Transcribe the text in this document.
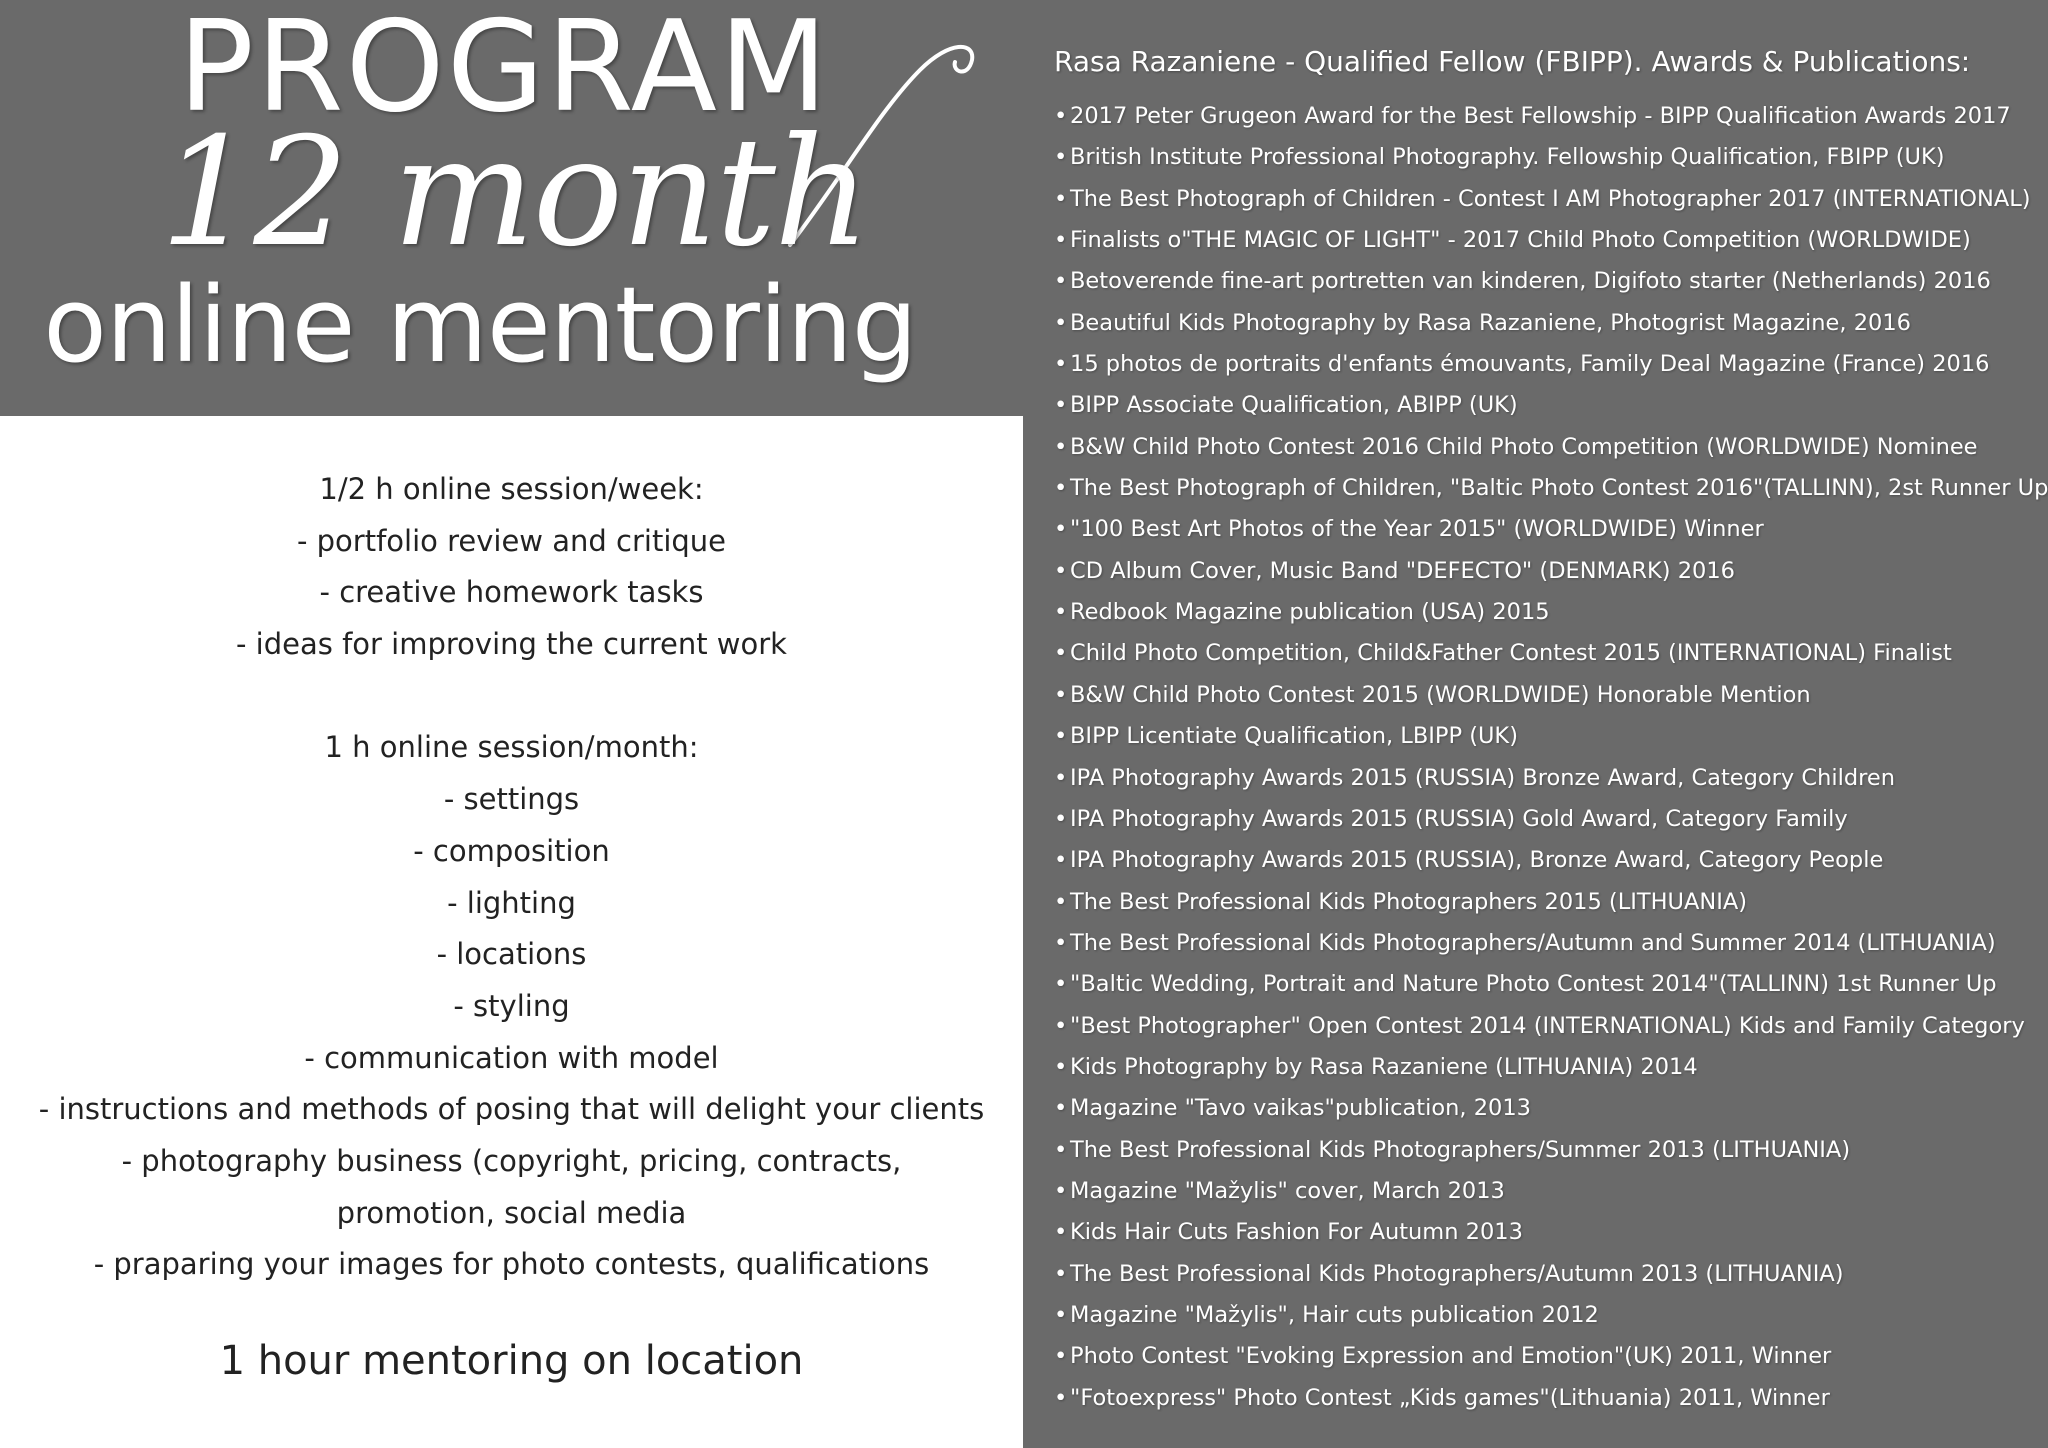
PROGRAM
12 month
online mentoring
1/2 h online session/week:
- portfolio review and critique
- creative homework tasks
- ideas for improving the current work
1 h online session/month:
- settings
- composition
- lighting
- locations
- styling
- communication with model
- instructions and methods of posing that will delight your clients
- photography business (copyright, pricing, contracts,
promotion, social media
- praparing your images for photo contests, qualifications
1 hour mentoring on location
Rasa Razaniene - Qualified Fellow (FBIPP). Awards & Publications:
• 2017 Peter Grugeon Award for the Best Fellowship - BIPP Qualification Awards 2017
• British Institute Professional Photography. Fellowship Qualification, FBIPP (UK)
• The Best Photograph of Children - Contest I AM Photographer 2017 (INTERNATIONAL)
• Finalists o"THE MAGIC OF LIGHT" - 2017 Child Photo Competition (WORLDWIDE)
• Betoverende fine-art portretten van kinderen, Digifoto starter (Netherlands) 2016
• Beautiful Kids Photography by Rasa Razaniene, Photogrist Magazine, 2016
• 15 photos de portraits d'enfants émouvants, Family Deal Magazine (France) 2016
• BIPP Associate Qualification, ABIPP (UK)
• B&W Child Photo Contest 2016 Child Photo Competition (WORLDWIDE) Nominee
• The Best Photograph of Children, "Baltic Photo Contest 2016"(TALLINN), 2st Runner Up
• "100 Best Art Photos of the Year 2015" (WORLDWIDE) Winner
• CD Album Cover, Music Band "DEFECTO" (DENMARK) 2016
• Redbook Magazine publication (USA) 2015
• Child Photo Competition, Child&Father Contest 2015 (INTERNATIONAL) Finalist
• B&W Child Photo Contest 2015 (WORLDWIDE) Honorable Mention
• BIPP Licentiate Qualification, LBIPP (UK)
• IPA Photography Awards 2015 (RUSSIA) Bronze Award, Category Children
• IPA Photography Awards 2015 (RUSSIA) Gold Award, Category Family
• IPA Photography Awards 2015 (RUSSIA), Bronze Award, Category People
• The Best Professional Kids Photographers 2015 (LITHUANIA)
• The Best Professional Kids Photographers/Autumn and Summer 2014 (LITHUANIA)
• "Baltic Wedding, Portrait and Nature Photo Contest 2014"(TALLINN) 1st Runner Up
• "Best Photographer" Open Contest 2014 (INTERNATIONAL) Kids and Family Category
• Kids Photography by Rasa Razaniene (LITHUANIA) 2014
• Magazine "Tavo vaikas"publication, 2013
• The Best Professional Kids Photographers/Summer 2013 (LITHUANIA)
• Magazine "Mažylis" cover, March 2013
• Kids Hair Cuts Fashion For Autumn 2013
• The Best Professional Kids Photographers/Autumn 2013 (LITHUANIA)
• Magazine "Mažylis", Hair cuts publication 2012
• Photo Contest "Evoking Expression and Emotion"(UK) 2011, Winner
• "Fotoexpress" Photo Contest „Kids games"(Lithuania) 2011, Winner
